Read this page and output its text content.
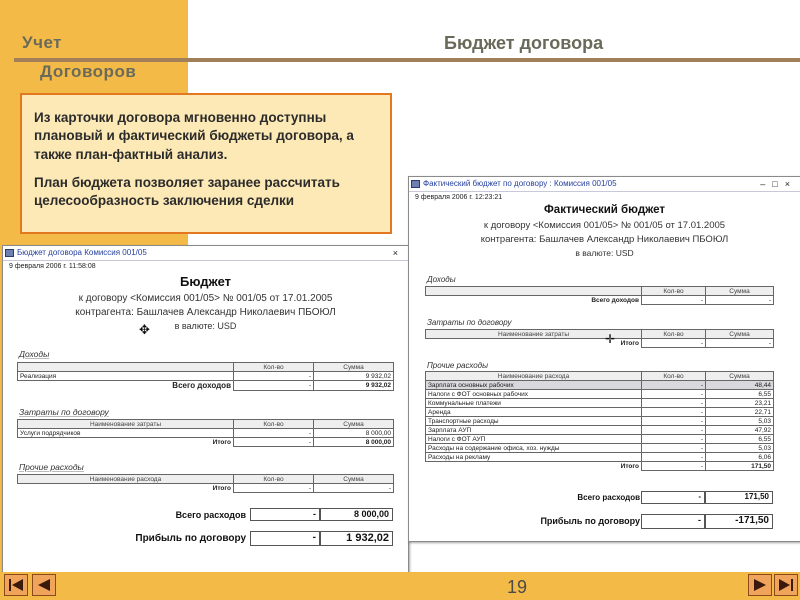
Учет
Договоров
Бюджет договора
Бюджет договора Комиссия 001/05	×
9 февраля 2006 г. 11:58:08
Бюджет
к договору <Комиссия 001/05> № 001/05 от 17.01.2005
контрагента: Башлачев Александр Николаевич ПБОЮЛ
в валюте: USD
Доходы
	Кол-во	Сумма
Реализация	-	9 932,02
Всего доходов	-	9 932,02
Затраты по договору
Наименование затраты	Кол-во	Сумма
Услуги подрядчиков	-	8 000,00
Итого	-	8 000,00
Прочие расходы
Наименование расхода	Кол-во	Сумма
Итого	-	-
Всего расходов	-	8 000,00
Прибыль по договору	-	1 932,02
✥
Фактический бюджет по договору : Комиссия 001/05	–□×
9 февраля 2006 г. 12:23:21
Фактический бюджет
к договору <Комиссия 001/05> № 001/05 от 17.01.2005
контрагента: Башлачев Александр Николаевич ПБОЮЛ
в валюте: USD
Доходы
	Кол-во	Сумма
Всего доходов	-	-
Затраты по договору
Наименование затраты	Кол-во	Сумма
Итого	-	-
Прочие расходы
Наименование расхода	Кол-во	Сумма
Зарплата основных рабочих	-	48,44
Налоги с ФОТ основных рабочих	-	6,55
Коммунальные платежи	-	23,21
Аренда	-	22,71
Транспортные расходы	-	5,03
Зарплата АУП	-	47,92
Налоги с ФОТ АУП	-	6,55
Расходы на содержание офиса, хоз. нужды	-	5,03
Расходы на рекламу	-	6,06
Итого	-	171,50
Всего расходов	-	171,50
Прибыль по договору	-	-171,50
✛

Из карточки договора мгновенно доступны плановый и фактический бюджеты договора, а также план-фактный анализ.

План бюджета позволяет заранее рассчитать целесообразность заключения сделки

19
